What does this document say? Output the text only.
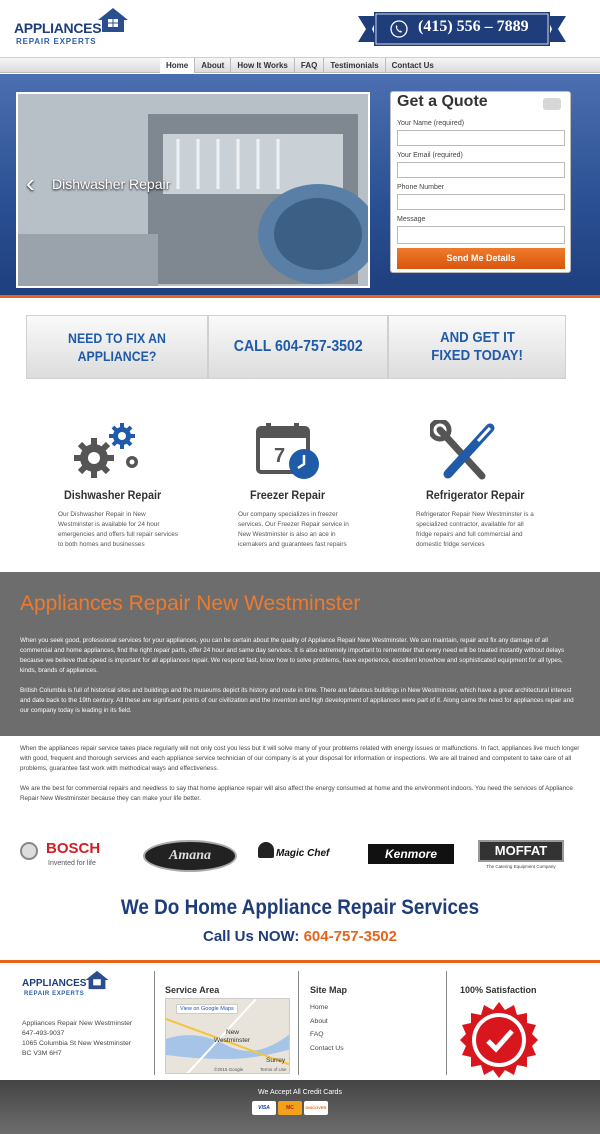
APPLIANCES
REPAIR EXPERTS
(415) 556 – 7889
Home	About	How It Works	FAQ	Testimonials	Contact Us
‹ Dishwasher Repair
Get a Quote
Your Name (required)
Your Email (required)
Phone Number
Message
Send Me Details
NEED TO FIX AN APPLIANCE?
CALL 604-757-3502
AND GET IT
FIXED TODAY!
Dishwasher Repair
Our Dishwasher Repair in New Westminster is available for 24 hour emergencies and offers full repair services to both homes and businesses
7
Freezer Repair
Our company specializes in freezer services. Our Freezer Repair service in New Westminster is also an ace in icemakers and guarantees fast repairs
Refrigerator Repair
Refrigerator Repair New Westminster is a specialized contractor, available for all fridge repairs and full commercial and domestic fridge services
Appliances Repair New Westminster
When you seek good, professional services for your appliances, you can be certain about the quality of Appliance Repair New Westminster. We can maintain, repair and fix any damage of all commercial and home appliances, find the right repair parts, offer 24 hour and same day services. It is also extremely important to remember that every need will be treated instantly without delays because we believe that speed is important for all appliances repair. We respond fast, know how to solve problems, have experience, excellent knowhow and sophisticated equipment for all types, kinds, brands of appliances.
British Columbia is full of historical sites and buildings and the museums depict its history and route in time. There are fabulous buildings in New Westminster, which have a great architectural interest and date back to the 19th century. All these are significant points of our civilization and the invention and high development of appliances were part of it. Along came the need for appliances repair and our company today is leading in its field.
When the appliances repair service takes place regularly will not only cost you less but it will solve many of your problems related with energy issues or malfunctions. In fact, appliances live much longer with good, frequent and thorough services and each appliance service technician of our company is at your disposal for information or inspections. We are all trained and competent to take care of all problems, guarantee fast work with methodical ways and effectiveness.
We are the best for commercial repairs and needless to say that home appliance repair will also affect the energy consumed at home and the environment indoors. You need the services of Appliance Repair New Westminster because they can make your life better.
BOSCH
Invented for life
Amana	Magic Chef	Kenmore	MOFFAT
The Catering Equipment Company
We Do Home Appliance Repair Services
Call Us NOW: 604-757-3502
APPLIANCES
REPAIR EXPERTS
Appliances Repair New Westminster
647-493-9037
1065 Columbia St New Westminster
BC V3M 6H7
Service Area
View on Google Maps
New
Westminster
Surrey
©2015 Google	Terms of Use
Site Map
Home
About
FAQ
Contact Us
100% Satisfaction
We Accept All Credit Cards
VISA	MC	DISCOVER
